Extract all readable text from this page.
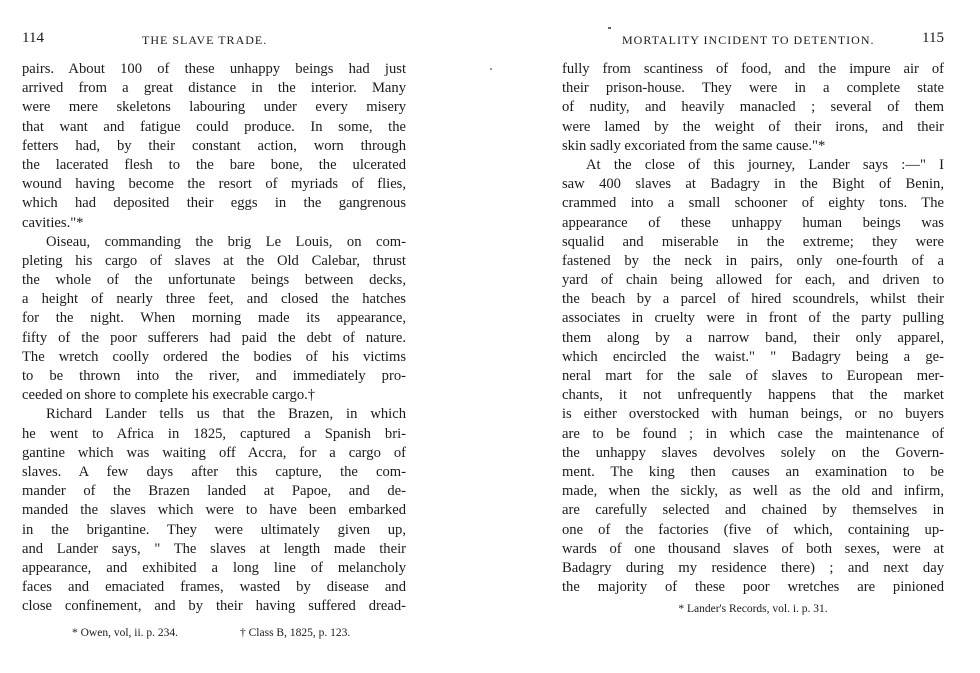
114	THE SLAVE TRADE.
pairs. About 100 of these unhappy beings had just
arrived from a great distance in the interior. Many
were mere skeletons labouring under every misery
that want and fatigue could produce. In some, the
fetters had, by their constant action, worn through
the lacerated flesh to the bare bone, the ulcerated
wound having become the resort of myriads of flies,
which had deposited their eggs in the gangrenous
cavities."*
Oiseau, commanding the brig Le Louis, on com-
pleting his cargo of slaves at the Old Calebar, thrust
the whole of the unfortunate beings between decks,
a height of nearly three feet, and closed the hatches
for the night. When morning made its appearance,
fifty of the poor sufferers had paid the debt of nature.
The wretch coolly ordered the bodies of his victims
to be thrown into the river, and immediately pro-
ceeded on shore to complete his execrable cargo.†
Richard Lander tells us that the Brazen, in which
he went to Africa in 1825, captured a Spanish bri-
gantine which was waiting off Accra, for a cargo of
slaves. A few days after this capture, the com-
mander of the Brazen landed at Papoe, and de-
manded the slaves which were to have been embarked
in the brigantine. They were ultimately given up,
and Lander says, " The slaves at length made their
appearance, and exhibited a long line of melancholy
faces and emaciated frames, wasted by disease and
close confinement, and by their having suffered dread-
* Owen, vol, ii. p. 234.	† Class B, 1825, p. 123.
MORTALITY INCIDENT TO DETENTION.	115
fully from scantiness of food, and the impure air of
their prison-house. They were in a complete state
of nudity, and heavily manacled ; several of them
were lamed by the weight of their irons, and their
skin sadly excoriated from the same cause."*
At the close of this journey, Lander says :—" I
saw 400 slaves at Badagry in the Bight of Benin,
crammed into a small schooner of eighty tons. The
appearance of these unhappy human beings was
squalid and miserable in the extreme; they were
fastened by the neck in pairs, only one-fourth of a
yard of chain being allowed for each, and driven to
the beach by a parcel of hired scoundrels, whilst their
associates in cruelty were in front of the party pulling
them along by a narrow band, their only apparel,
which encircled the waist." " Badagry being a ge-
neral mart for the sale of slaves to European mer-
chants, it not unfrequently happens that the market
is either overstocked with human beings, or no buyers
are to be found ; in which case the maintenance of
the unhappy slaves devolves solely on the Govern-
ment. The king then causes an examination to be
made, when the sickly, as well as the old and infirm,
are carefully selected and chained by themselves in
one of the factories (five of which, containing up-
wards of one thousand slaves of both sexes, were at
Badagry during my residence there) ; and next day
the majority of these poor wretches are pinioned
* Lander's Records, vol. i. p. 31.
